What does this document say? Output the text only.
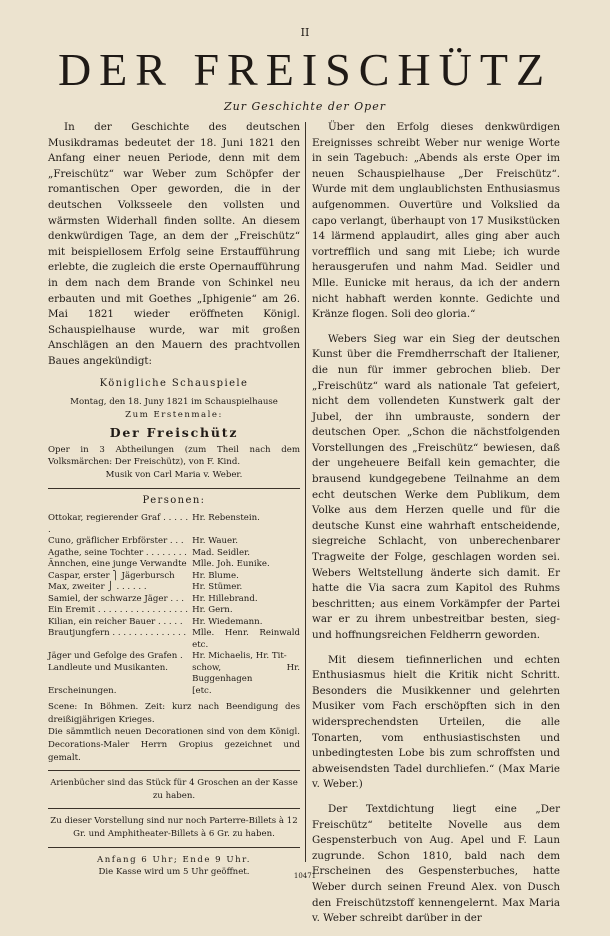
II
DER FREISCHÜTZ
Zur Geschichte der Oper

In der Geschichte des deutschen Musikdramas bedeutet der 18. Juni 1821 den Anfang einer neuen Periode, denn mit dem „Freischütz“ war Weber zum Schöpfer der romantischen Oper geworden, die in der deutschen Volksseele den vollsten und wärmsten Widerhall finden sollte. An diesem denkwürdigen Tage, an dem der „Freischütz“ mit beispiellosem Erfolg seine Erstaufführung erlebte, die zugleich die erste Opernaufführung in dem nach dem Brande von Schinkel neu erbauten und mit Goethes „Iphigenie“ am 26. Mai 1821 wieder eröffneten Königl. Schauspielhause wurde, war mit großen Anschlägen an den Mauern des prachtvollen Baues angekündigt:

Königliche Schauspiele
Montag, den 18. Juny 1821 im Schauspielhause
Zum Erstenmale:
Der Freischütz
Oper in 3 Abtheilungen (zum Theil nach dem Volksmärchen: Der Freischütz), von F. Kind.
Musik von Carl Maria v. Weber.
Personen:
Ottokar, regierender Graf . . . . . .	Hr. Rebenstein.
Cuno, gräflicher Erbförster . . .	Hr. Wauer.
Agathe, seine Tochter . . . . . . . .	Mad. Seidler.
Ännchen, eine junge Verwandte	Mlle. Joh. Eunike.
Caspar, erster ⎫ Jägerbursch	Hr. Blume.
Max, zweiter ⎭ . . . . . .	Hr. Stümer.
Samiel, der schwarze Jäger . . .	Hr. Hillebrand.
Ein Eremit . . . . . . . . . . . . . . . . .	Hr. Gern.
Kilian, ein reicher Bauer . . . . .	Hr. Wiedemann.
Brautjungfern . . . . . . . . . . . . . .	Mlle. Henr. Reinwald etc.
Jäger und Gefolge des Grafen .	Hr. Michaelis, Hr. Tit-
Landleute und Musikanten.	schow, Hr. Buggenhagen
Erscheinungen.	[etc.
Scene: In Böhmen. Zeit: kurz nach Beendigung des dreißigjährigen Krieges.
Die sämmtlich neuen Decorationen sind von dem Königl. Decorations-Maler Herrn Gropius gezeichnet und gemalt.
Arienbücher sind das Stück für 4 Groschen an der Kasse zu haben.
Zu dieser Vorstellung sind nur noch Parterre-Billets à 12 Gr. und Amphitheater-Billets à 6 Gr. zu haben.
Anfang 6 Uhr; Ende 9 Uhr.
Die Kasse wird um 5 Uhr geöffnet.

Über den Erfolg dieses denkwürdigen Ereignisses schreibt Weber nur wenige Worte in sein Tagebuch: „Abends als erste Oper im neuen Schauspielhause „Der Freischütz“. Wurde mit dem unglaublichsten Enthusiasmus aufgenommen. Ouvertüre und Volkslied da capo verlangt, überhaupt von 17 Musikstücken 14 lärmend applaudirt, alles ging aber auch vortrefflich und sang mit Liebe; ich wurde herausgerufen und nahm Mad. Seidler und Mlle. Eunicke mit heraus, da ich der andern nicht habhaft werden konnte. Gedichte und Kränze flogen. Soli deo gloria.“

Webers Sieg war ein Sieg der deutschen Kunst über die Fremdherrschaft der Italiener, die nun für immer gebrochen blieb. Der „Freischütz“ ward als nationale Tat gefeiert, nicht dem vollendeten Kunstwerk galt der Jubel, der ihn umbrauste, sondern der deutschen Oper. „Schon die nächstfolgenden Vorstellungen des „Freischütz“ bewiesen, daß der ungeheuere Beifall kein gemachter, die brausend kundgegebene Teilnahme an dem echt deutschen Werke dem Publikum, dem Volke aus dem Herzen quelle und für die deutsche Kunst eine wahrhaft entscheidende, siegreiche Schlacht, von unberechenbarer Tragweite der Folge, geschlagen worden sei. Webers Weltstellung änderte sich damit. Er hatte die Via sacra zum Kapitol des Ruhms beschritten; aus einem Vorkämpfer der Partei war er zu ihrem unbestreitbar besten, sieg- und hoffnungsreichen Feldherrn geworden.

Mit diesem tiefinnerlichen und echten Enthusiasmus hielt die Kritik nicht Schritt. Besonders die Musikkenner und gelehrten Musiker vom Fach erschöpften sich in den widersprechendsten Urteilen, die alle Tonarten, vom enthusiastischsten und unbedingtesten Lobe bis zum schroffsten und abweisendsten Tadel durchliefen.“ (Max Marie v. Weber.)

Der Textdichtung liegt eine „Der Freischütz“ betitelte Novelle aus dem Gespensterbuch von Aug. Apel und F. Laun zugrunde. Schon 1810, bald nach dem Erscheinen des Gespensterbuches, hatte Weber durch seinen Freund Alex. von Dusch den Freischützstoff kennengelernt. Max Maria v. Weber schreibt darüber in der

10471
